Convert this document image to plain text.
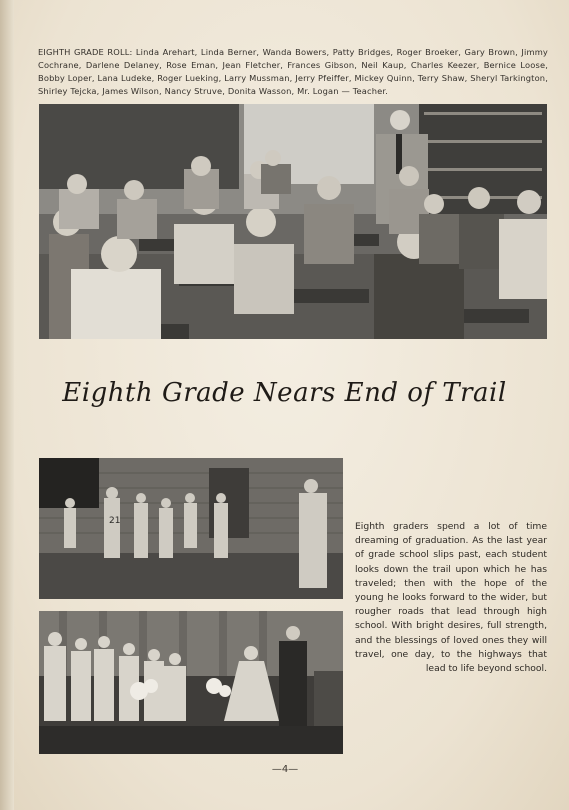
EIGHTH GRADE ROLL: Linda Arehart, Linda Berner, Wanda Bowers, Patty Bridges, Roger Broeker, Gary Brown, Jimmy Cochrane, Darlene Delaney, Rose Eman, Jean Fletcher, Frances Gibson, Neil Kaup, Charles Keezer, Bernice Loose, Bobby Loper, Lana Ludeke, Roger Lueking, Larry Mussman, Jerry Pfeiffer, Mickey Quinn, Terry Shaw, Sheryl Tarkington, Shirley Tejcka, James Wilson, Nancy Struve, Donita Wasson, Mr. Logan — Teacher.
Eighth Grade Nears End of Trail
21	Eighth graders spend a lot of time dreaming of graduation. As the last year of grade school slips past, each student looks down the trail upon which he has traveled; then with the hope of the young he looks forward to the wider, but rougher roads that lead through high school. With bright desires, full strength, and the blessings of loved ones they will travel, one day, to the highways that lead to life beyond school.
—4—
